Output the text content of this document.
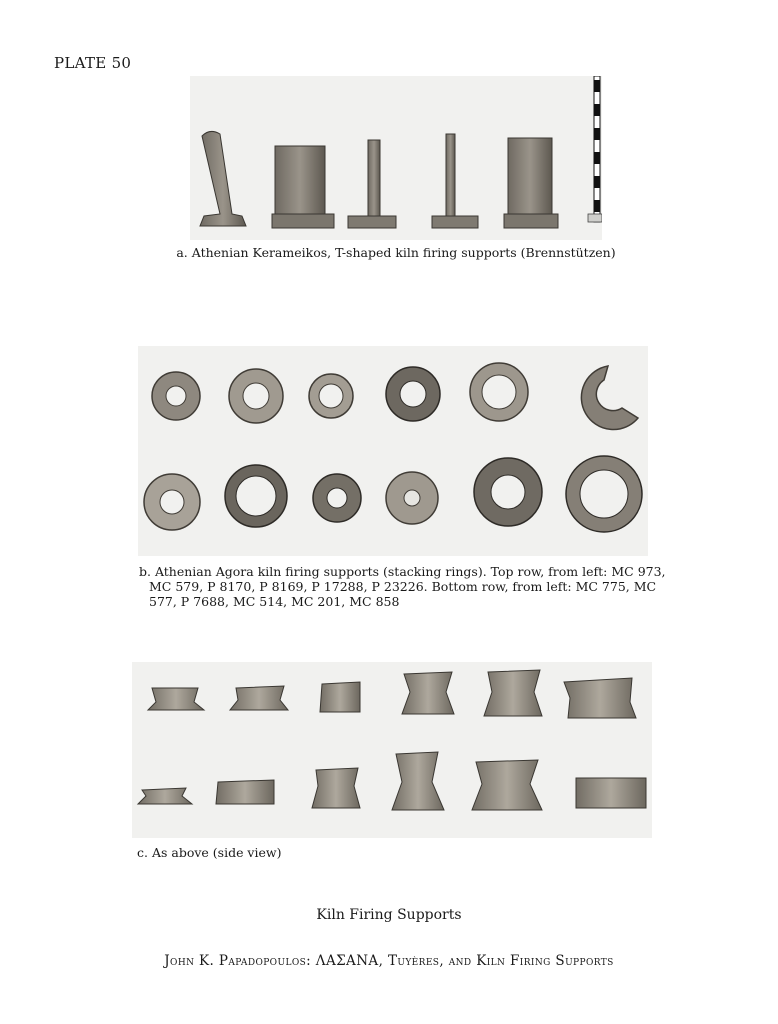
PLATE 50
a. Athenian Kerameikos, T-shaped kiln firing supports (Brennstützen)
b. Athenian Agora kiln firing supports (stacking rings). Top row, from left: MC 973, MC 579, P 8170, P 8169, P 17288, P 23226. Bottom row, from left: MC 775, MC 577, P 7688, MC 514, MC 201, MC 858
c. As above (side view)
Kiln Firing Supports
John K. Papadopoulos: ΛΑΣΑΝΑ, Tuyères, and Kiln Firing Supports
